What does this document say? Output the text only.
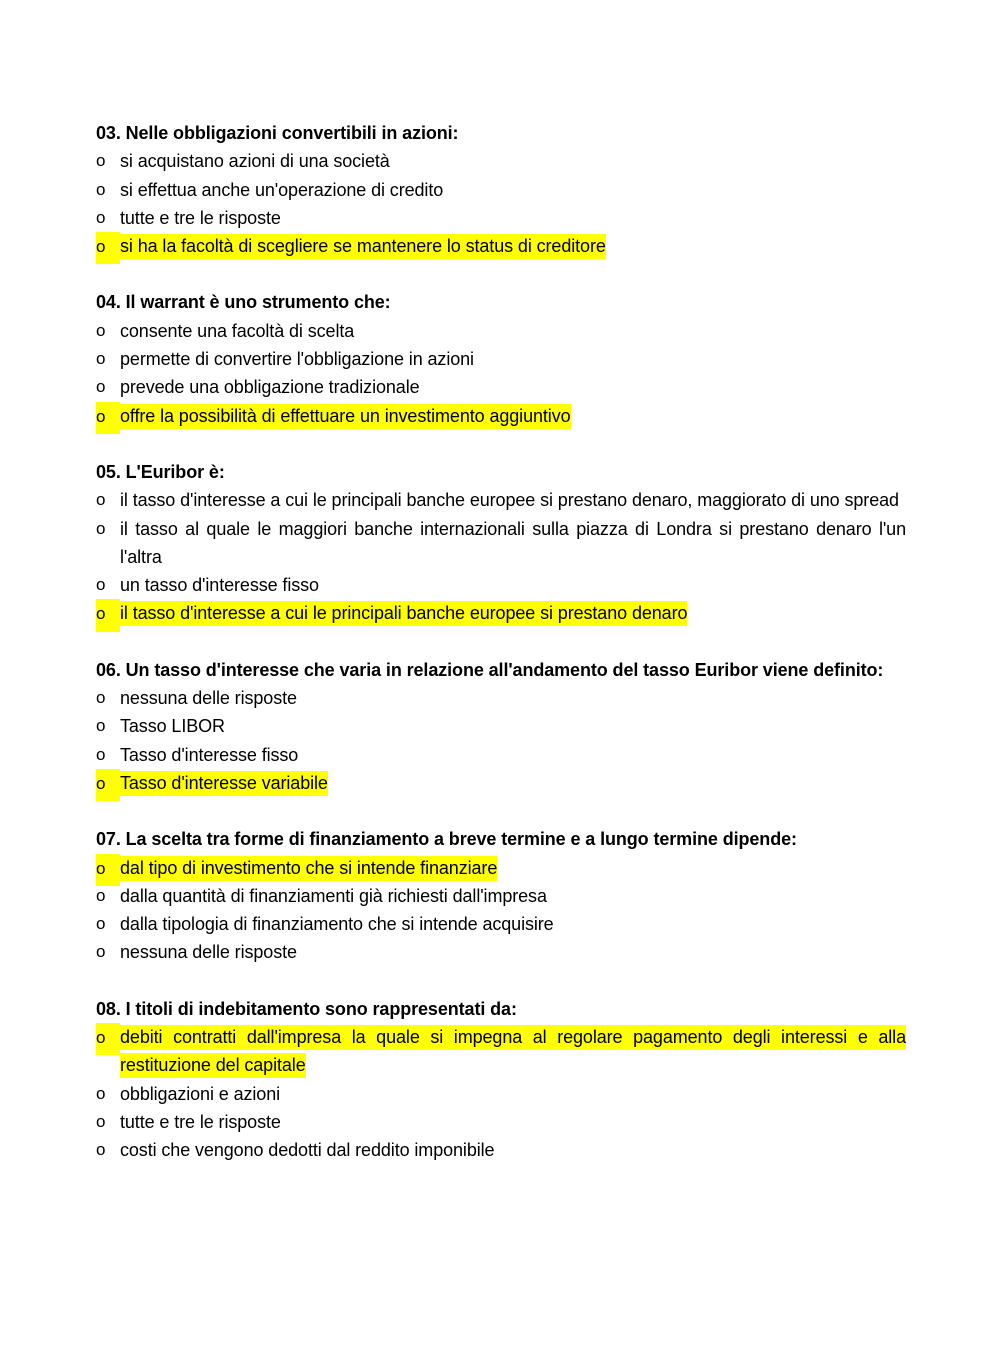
03. Nelle obbligazioni convertibili in azioni:
o si acquistano azioni di una società
o si effettua anche un'operazione di credito
o tutte e tre le risposte
o si ha la facoltà di scegliere se mantenere lo status di creditore
04. Il warrant è uno strumento che:
o consente una facoltà di scelta
o permette di convertire l'obbligazione in azioni
o prevede una obbligazione tradizionale
o offre la possibilità di effettuare un investimento aggiuntivo
05. L'Euribor è:
o il tasso d'interesse a cui le principali banche europee si prestano denaro, maggiorato di uno spread
o il tasso al quale le maggiori banche internazionali sulla piazza di Londra si prestano denaro l'un l'altra
o un tasso d'interesse fisso
o il tasso d'interesse a cui le principali banche europee si prestano denaro
06. Un tasso d'interesse che varia in relazione all'andamento del tasso Euribor viene definito:
o nessuna delle risposte
o Tasso LIBOR
o Tasso d'interesse fisso
o Tasso d'interesse variabile
07. La scelta tra forme di finanziamento a breve termine e a lungo termine dipende:
o dal tipo di investimento che si intende finanziare
o dalla quantità di finanziamenti già richiesti dall'impresa
o dalla tipologia di finanziamento che si intende acquisire
o nessuna delle risposte
08. I titoli di indebitamento sono rappresentati da:
o debiti contratti dall'impresa la quale si impegna al regolare pagamento degli interessi e alla restituzione del capitale
o obbligazioni e azioni
o tutte e tre le risposte
o costi che vengono dedotti dal reddito imponibile
